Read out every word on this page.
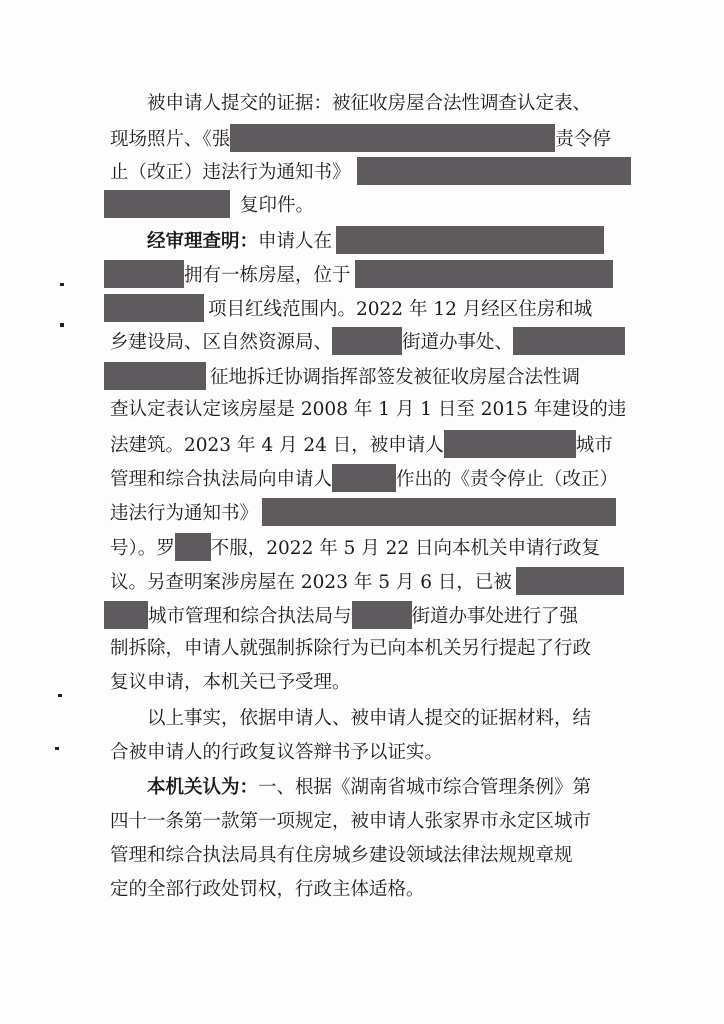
被申请人提交的证据：被征收房屋合法性调查认定表、
现场照片、《張	责令停
止（改正）违法行为通知书》
复印件。
经审理查明：申请人在
拥有一栋房屋，位于
项目红线范围内。2022 年 12 月经区住房和城
乡建设局、区自然资源局、	街道办事处、
征地拆迁协调指挥部签发被征收房屋合法性调
查认定表认定该房屋是 2008 年 1 月 1 日至 2015 年建设的违
法建筑。2023 年 4 月 24 日，被申请人	城市
管理和综合执法局向申请人	作出的《责令停止（改正）
违法行为通知书》
号）。罗 不服，2022 年 5 月 22 日向本机关申请行政复
议。另查明案涉房屋在 2023 年 5 月 6 日，已被
城市管理和综合执法局与	街道办事处进行了强
制拆除，申请人就强制拆除行为已向本机关另行提起了行政
复议申请，本机关已予受理。
以上事实，依据申请人、被申请人提交的证据材料，结
合被申请人的行政复议答辩书予以证实。
本机关认为：一、根据《湖南省城市综合管理条例》第
四十一条第一款第一项规定，被申请人张家界市永定区城市
管理和综合执法局具有住房城乡建设领域法律法规规章规
定的全部行政处罚权，行政主体适格。
